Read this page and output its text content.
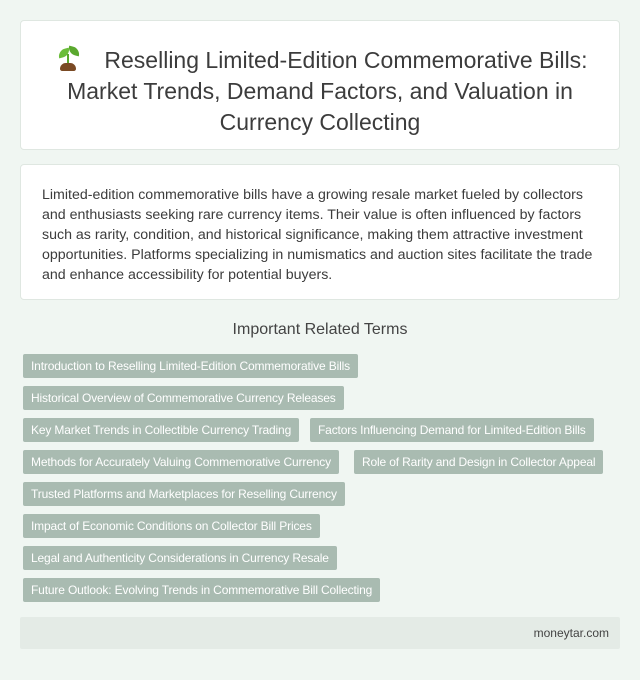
Reselling Limited-Edition Commemorative Bills: Market Trends, Demand Factors, and Valuation in Currency Collecting

Limited-edition commemorative bills have a growing resale market fueled by collectors and enthusiasts seeking rare currency items. Their value is often influenced by factors such as rarity, condition, and historical significance, making them attractive investment opportunities. Platforms specializing in numismatics and auction sites facilitate the trade and enhance accessibility for potential buyers.

Important Related Terms
Introduction to Reselling Limited-Edition Commemorative Bills
Historical Overview of Commemorative Currency Releases
Key Market Trends in Collectible Currency Trading	Factors Influencing Demand for Limited-Edition Bills
Methods for Accurately Valuing Commemorative Currency	Role of Rarity and Design in Collector Appeal
Trusted Platforms and Marketplaces for Reselling Currency
Impact of Economic Conditions on Collector Bill Prices
Legal and Authenticity Considerations in Currency Resale
Future Outlook: Evolving Trends in Commemorative Bill Collecting
moneytar.com
